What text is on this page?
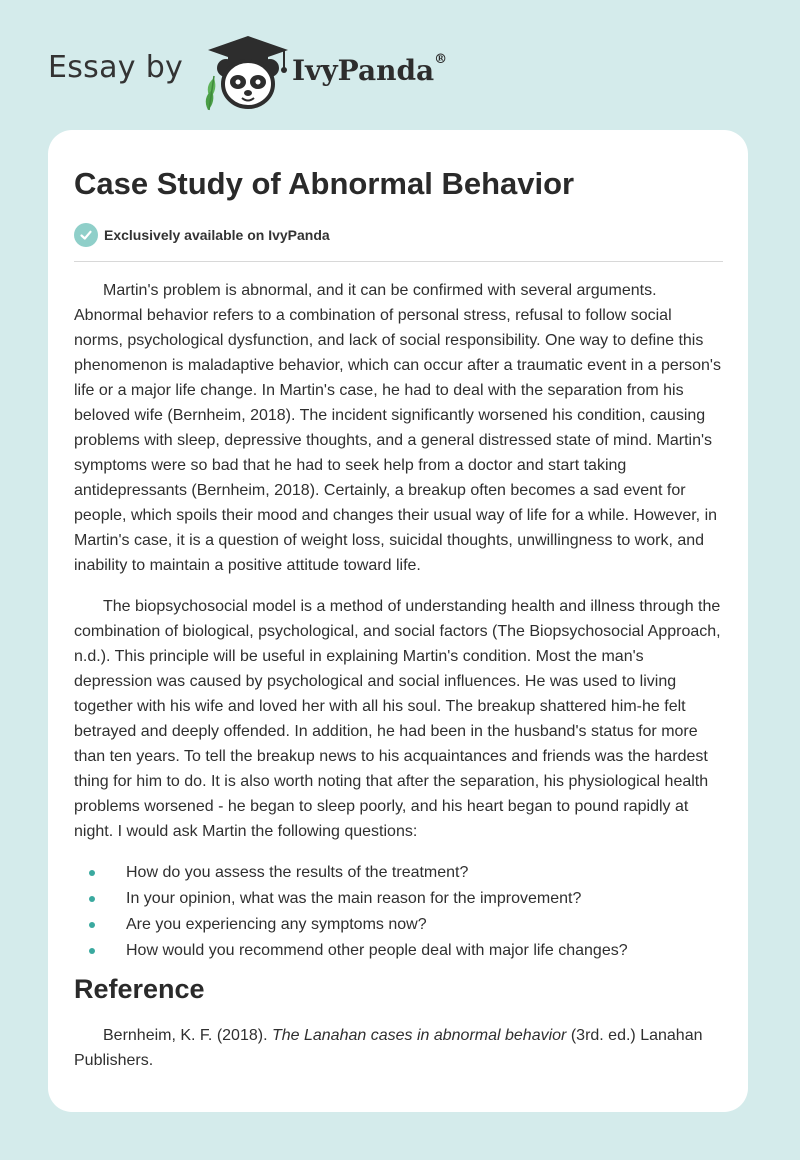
Essay by	IvyPanda®
Case Study of Abnormal Behavior
Exclusively available on IvyPanda

Martin's problem is abnormal, and it can be confirmed with several arguments. Abnormal behavior refers to a combination of personal stress, refusal to follow social norms, psychological dysfunction, and lack of social responsibility. One way to define this phenomenon is maladaptive behavior, which can occur after a traumatic event in a person's life or a major life change. In Martin's case, he had to deal with the separation from his beloved wife (Bernheim, 2018). The incident significantly worsened his condition, causing problems with sleep, depressive thoughts, and a general distressed state of mind. Martin's symptoms were so bad that he had to seek help from a doctor and start taking antidepressants (Bernheim, 2018). Certainly, a breakup often becomes a sad event for people, which spoils their mood and changes their usual way of life for a while. However, in Martin's case, it is a question of weight loss, suicidal thoughts, unwillingness to work, and inability to maintain a positive attitude toward life.

The biopsychosocial model is a method of understanding health and illness through the combination of biological, psychological, and social factors (The Biopsychosocial Approach, n.d.). This principle will be useful in explaining Martin's condition. Most the man's depression was caused by psychological and social influences. He was used to living together with his wife and loved her with all his soul. The breakup shattered him-he felt betrayed and deeply offended. In addition, he had been in the husband's status for more than ten years. To tell the breakup news to his acquaintances and friends was the hardest thing for him to do. It is also worth noting that after the separation, his physiological health problems worsened - he began to sleep poorly, and his heart began to pound rapidly at night. I would ask Martin the following questions:

How do you assess the results of the treatment?
In your opinion, what was the main reason for the improvement?
Are you experiencing any symptoms now?
How would you recommend other people deal with major life changes?
Reference

Bernheim, K. F. (2018). The Lanahan cases in abnormal behavior (3rd. ed.) Lanahan Publishers.
